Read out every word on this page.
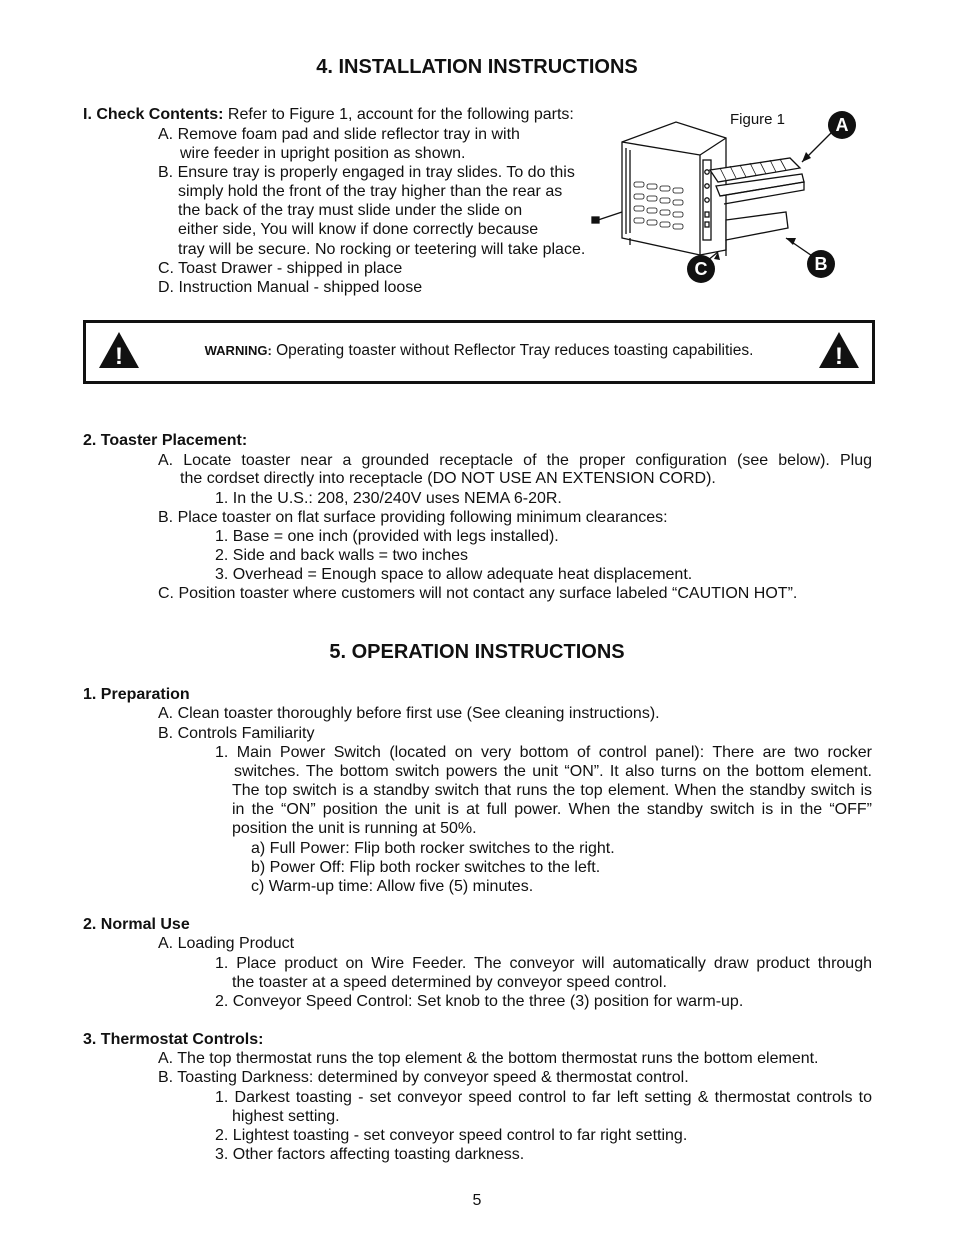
4. INSTALLATION INSTRUCTIONS
I. Check Contents: Refer to Figure 1, account for the following parts:
A. Remove foam pad and slide reflector tray in with
wire feeder in upright position as shown.
B. Ensure tray is properly engaged in tray slides. To do this
simply hold the front of the tray higher than the rear as
the back of the tray must slide under the slide on
either side, You will know if done correctly because
tray will be secure. No rocking or teetering will take place.
C. Toast Drawer - shipped in place
D. Instruction Manual - shipped loose
A
B
C
Figure 1
!	WARNING: Operating toaster without Reflector Tray reduces toasting capabilities.	!
2. Toaster Placement:
A. Locate toaster near a grounded receptacle of the proper configuration (see below). Plug
the cordset directly into receptacle (DO NOT USE AN EXTENSION CORD).
1. In the U.S.: 208, 230/240V uses NEMA 6-20R.
B. Place toaster on flat surface providing following minimum clearances:
1. Base = one inch (provided with legs installed).
2. Side and back walls = two inches
3. Overhead = Enough space to allow adequate heat displacement.
C. Position toaster where customers will not contact any surface labeled “CAUTION HOT”.
5. OPERATION INSTRUCTIONS
1. Preparation
A. Clean toaster thoroughly before first use (See cleaning instructions).
B. Controls Familiarity
1. Main Power Switch (located on very bottom of control panel): There are two rocker
switches. The bottom switch powers the unit “ON”. It also turns on the bottom element.
The top switch is a standby switch that runs the top element. When the standby switch is
in the “ON” position the unit is at full power. When the standby switch is in the “OFF”
position the unit is running at 50%.
a) Full Power: Flip both rocker switches to the right.
b) Power Off: Flip both rocker switches to the left.
c) Warm-up time: Allow five (5) minutes.
2. Normal Use
A. Loading Product
1. Place product on Wire Feeder. The conveyor will automatically draw product through
the toaster at a speed determined by conveyor speed control.
2. Conveyor Speed Control: Set knob to the three (3) position for warm-up.
3. Thermostat Controls:
A. The top thermostat runs the top element & the bottom thermostat runs the bottom element.
B. Toasting Darkness: determined by conveyor speed & thermostat control.
1. Darkest toasting - set conveyor speed control to far left setting & thermostat controls to
highest setting.
2. Lightest toasting - set conveyor speed control to far right setting.
3. Other factors affecting toasting darkness.
5
